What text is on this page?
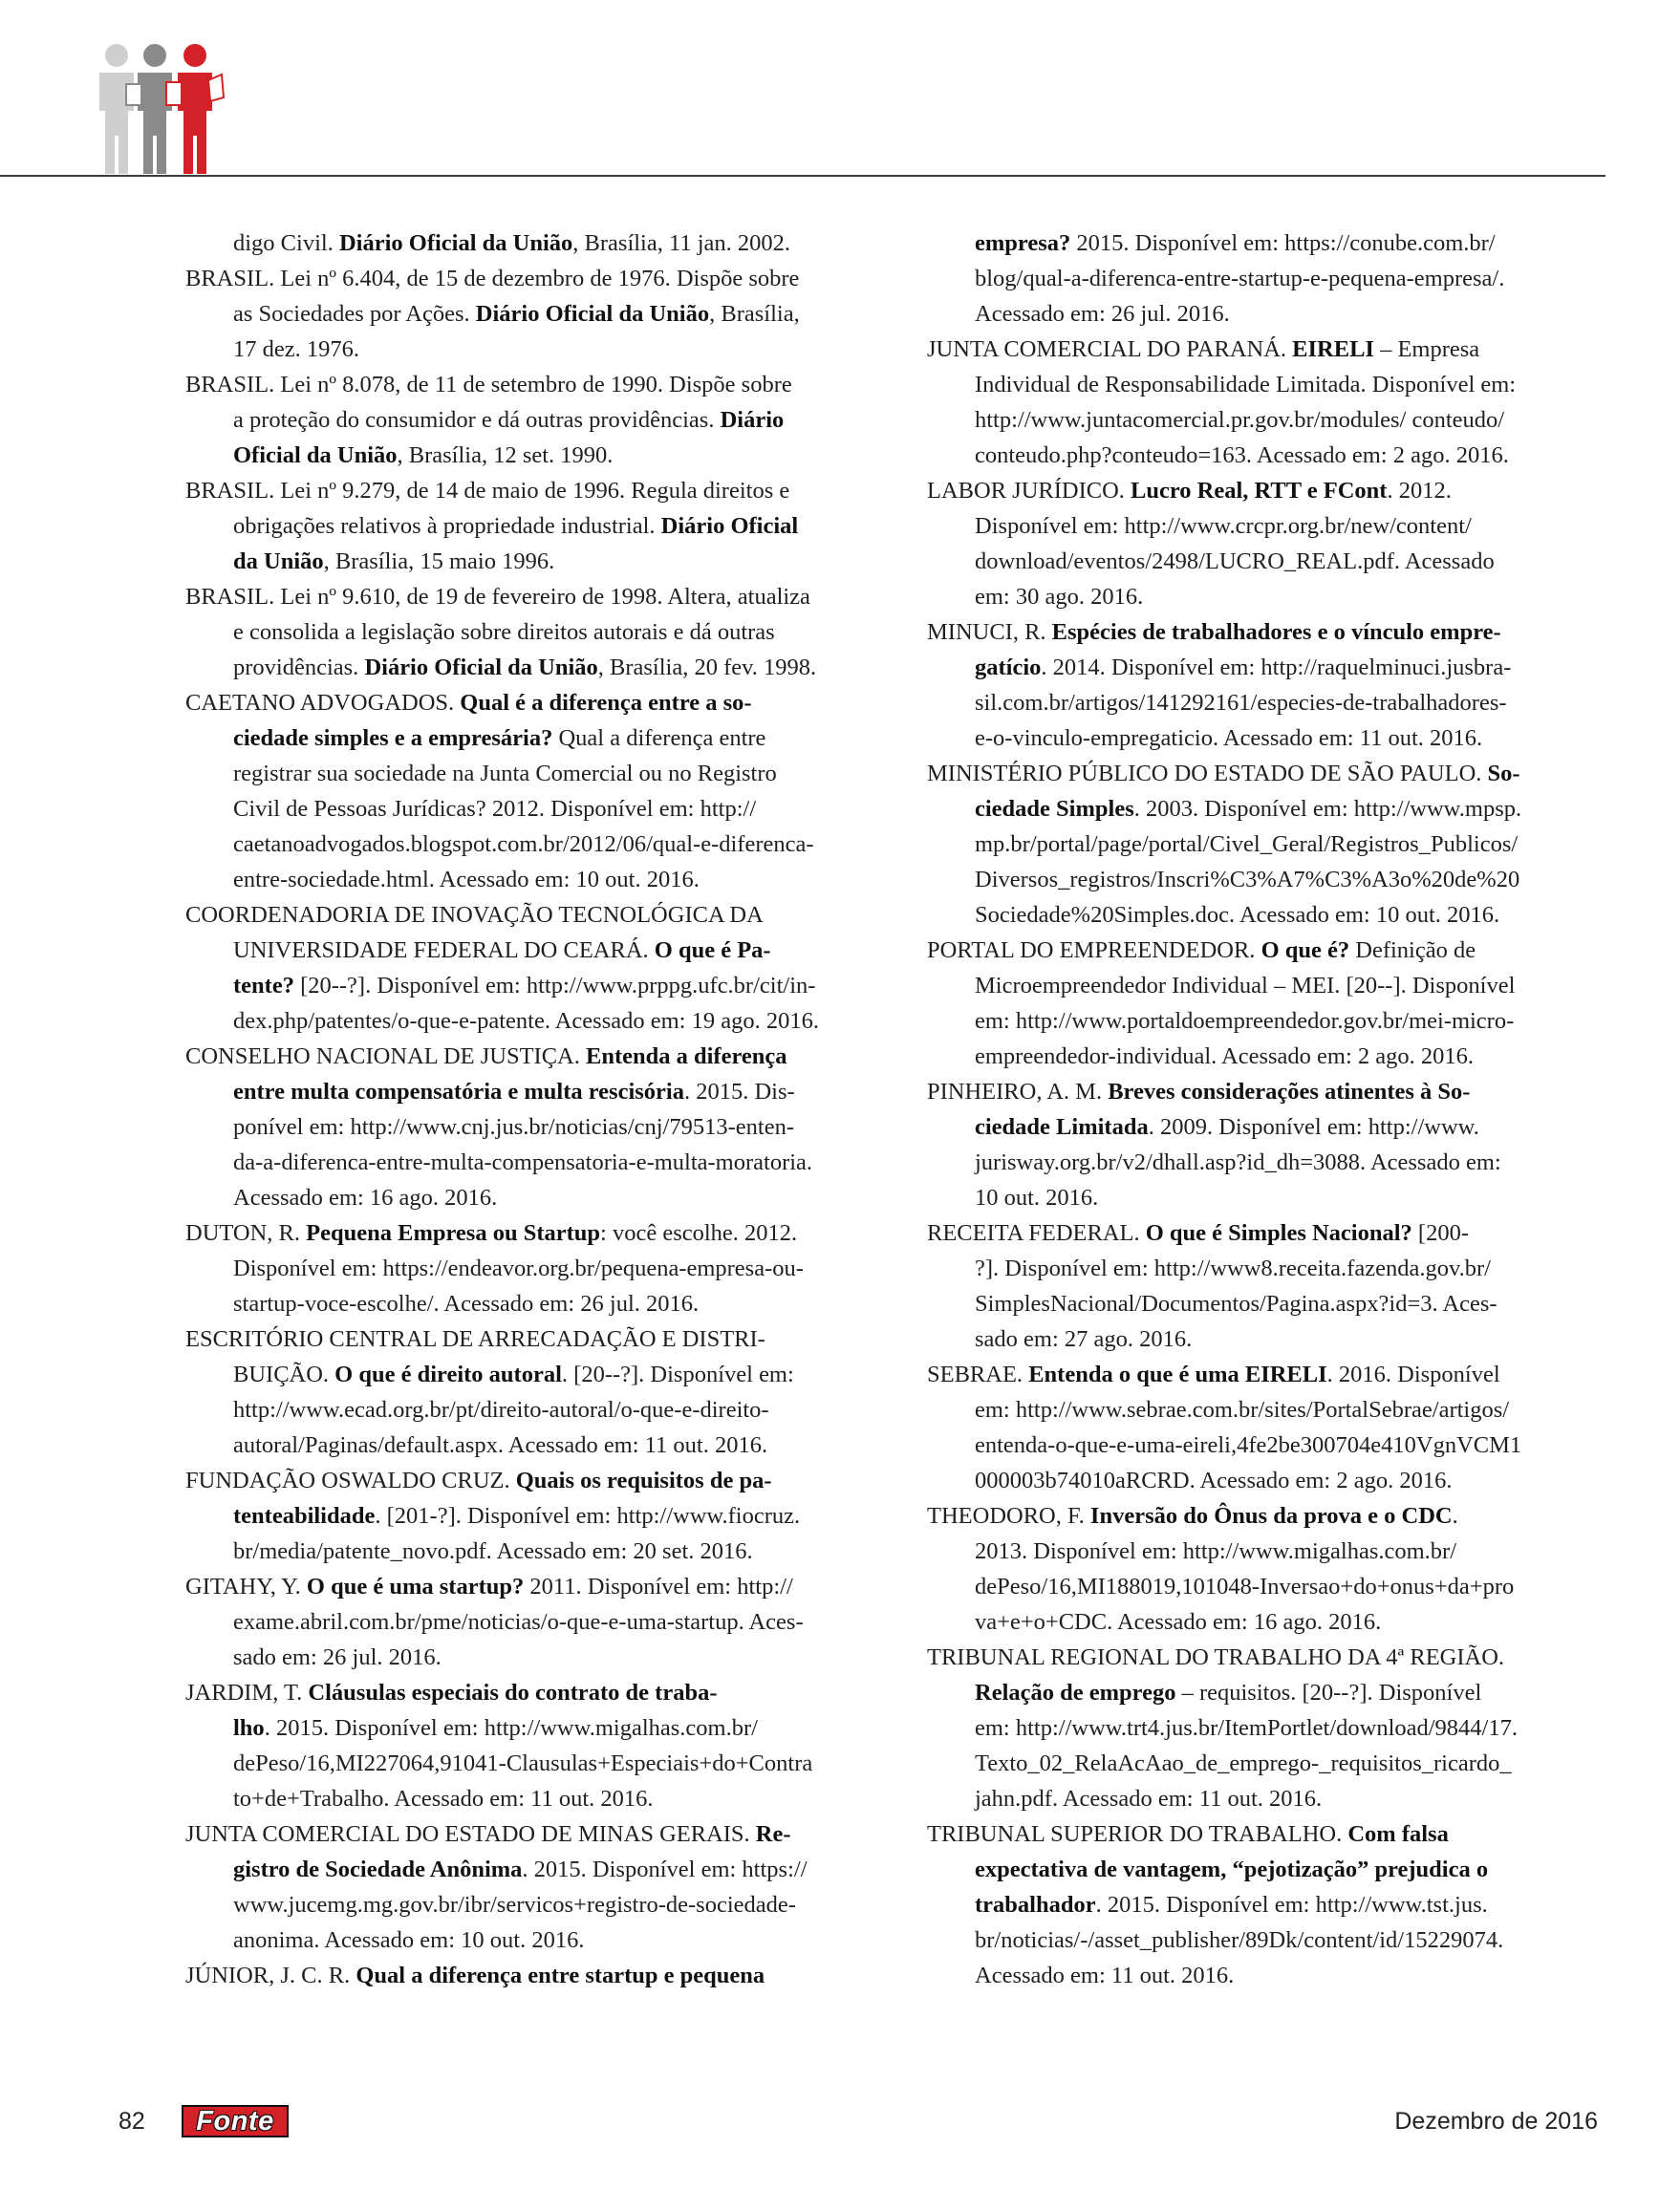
digo Civil. Diário Oficial da União, Brasília, 11 jan. 2002.
BRASIL. Lei nº 6.404, de 15 de dezembro de 1976. Dispõe sobre
as Sociedades por Ações. Diário Oficial da União, Brasília,
17 dez. 1976.
BRASIL. Lei nº 8.078, de 11 de setembro de 1990. Dispõe sobre
a proteção do consumidor e dá outras providências. Diário
Oficial da União, Brasília, 12 set. 1990.
BRASIL. Lei nº 9.279, de 14 de maio de 1996. Regula direitos e
obrigações relativos à propriedade industrial. Diário Oficial
da União, Brasília, 15 maio 1996.
BRASIL. Lei nº 9.610, de 19 de fevereiro de 1998. Altera, atualiza
e consolida a legislação sobre direitos autorais e dá outras
providências. Diário Oficial da União, Brasília, 20 fev. 1998.
CAETANO ADVOGADOS. Qual é a diferença entre a so-
ciedade simples e a empresária? Qual a diferença entre
registrar sua sociedade na Junta Comercial ou no Registro
Civil de Pessoas Jurídicas? 2012. Disponível em: http://
caetanoadvogados.blogspot.com.br/2012/06/qual-e-diferenca-
entre-sociedade.html. Acessado em: 10 out. 2016.
COORDENADORIA DE INOVAÇÃO TECNOLÓGICA DA
UNIVERSIDADE FEDERAL DO CEARÁ. O que é Pa-
tente? [20--?]. Disponível em: http://www.prppg.ufc.br/cit/in-
dex.php/patentes/o-que-e-patente. Acessado em: 19 ago. 2016.
CONSELHO NACIONAL DE JUSTIÇA. Entenda a diferença
entre multa compensatória e multa rescisória. 2015. Dis-
ponível em: http://www.cnj.jus.br/noticias/cnj/79513-enten-
da-a-diferenca-entre-multa-compensatoria-e-multa-moratoria.
Acessado em: 16 ago. 2016.
DUTON, R. Pequena Empresa ou Startup: você escolhe. 2012.
Disponível em: https://endeavor.org.br/pequena-empresa-ou-
startup-voce-escolhe/. Acessado em: 26 jul. 2016.
ESCRITÓRIO CENTRAL DE ARRECADAÇÃO E DISTRI-
BUIÇÃO. O que é direito autoral. [20--?]. Disponível em:
http://www.ecad.org.br/pt/direito-autoral/o-que-e-direito-
autoral/Paginas/default.aspx. Acessado em: 11 out. 2016.
FUNDAÇÃO OSWALDO CRUZ. Quais os requisitos de pa-
tenteabilidade. [201-?]. Disponível em: http://www.fiocruz.
br/media/patente_novo.pdf. Acessado em: 20 set. 2016.
GITAHY, Y. O que é uma startup? 2011. Disponível em: http://
exame.abril.com.br/pme/noticias/o-que-e-uma-startup. Aces-
sado em: 26 jul. 2016.
JARDIM, T. Cláusulas especiais do contrato de traba-
lho. 2015. Disponível em: http://www.migalhas.com.br/
dePeso/16,MI227064,91041-Clausulas+Especiais+do+Contra
to+de+Trabalho. Acessado em: 11 out. 2016.
JUNTA COMERCIAL DO ESTADO DE MINAS GERAIS. Re-
gistro de Sociedade Anônima. 2015. Disponível em: https://
www.jucemg.mg.gov.br/ibr/servicos+registro-de-sociedade-
anonima. Acessado em: 10 out. 2016.
JÚNIOR, J. C. R. Qual a diferença entre startup e pequena
empresa? 2015. Disponível em: https://conube.com.br/
blog/qual-a-diferenca-entre-startup-e-pequena-empresa/.
Acessado em: 26 jul. 2016.
JUNTA COMERCIAL DO PARANÁ. EIRELI – Empresa
Individual de Responsabilidade Limitada. Disponível em:
http://www.juntacomercial.pr.gov.br/modules/ conteudo/
conteudo.php?conteudo=163. Acessado em: 2 ago. 2016.
LABOR JURÍDICO. Lucro Real, RTT e FCont. 2012.
Disponível em: http://www.crcpr.org.br/new/content/
download/eventos/2498/LUCRO_REAL.pdf. Acessado
em: 30 ago. 2016.
MINUCI, R. Espécies de trabalhadores e o vínculo empre-
gatício. 2014. Disponível em: http://raquelminuci.jusbra-
sil.com.br/artigos/141292161/especies-de-trabalhadores-
e-o-vinculo-empregaticio. Acessado em: 11 out. 2016.
MINISTÉRIO PÚBLICO DO ESTADO DE SÃO PAULO. So-
ciedade Simples. 2003. Disponível em: http://www.mpsp.
mp.br/portal/page/portal/Civel_Geral/Registros_Publicos/
Diversos_registros/Inscri%C3%A7%C3%A3o%20de%20
Sociedade%20Simples.doc. Acessado em: 10 out. 2016.
PORTAL DO EMPREENDEDOR. O que é? Definição de
Microempreendedor Individual – MEI. [20--]. Disponível
em: http://www.portaldoempreendedor.gov.br/mei-micro-
empreendedor-individual. Acessado em: 2 ago. 2016.
PINHEIRO, A. M. Breves considerações atinentes à So-
ciedade Limitada. 2009. Disponível em: http://www.
jurisway.org.br/v2/dhall.asp?id_dh=3088. Acessado em:
10 out. 2016.
RECEITA FEDERAL. O que é Simples Nacional? [200-
?]. Disponível em: http://www8.receita.fazenda.gov.br/
SimplesNacional/Documentos/Pagina.aspx?id=3. Aces-
sado em: 27 ago. 2016.
SEBRAE. Entenda o que é uma EIRELI. 2016. Disponível
em: http://www.sebrae.com.br/sites/PortalSebrae/artigos/
entenda-o-que-e-uma-eireli,4fe2be300704e410VgnVCM1
000003b74010aRCRD. Acessado em: 2 ago. 2016.
THEODORO, F. Inversão do Ônus da prova e o CDC.
2013. Disponível em: http://www.migalhas.com.br/
dePeso/16,MI188019,101048-Inversao+do+onus+da+pro
va+e+o+CDC. Acessado em: 16 ago. 2016.
TRIBUNAL REGIONAL DO TRABALHO DA 4ª REGIÃO.
Relação de emprego – requisitos. [20--?]. Disponível
em: http://www.trt4.jus.br/ItemPortlet/download/9844/17.
Texto_02_RelaAcAao_de_emprego-_requisitos_ricardo_
jahn.pdf. Acessado em: 11 out. 2016.
TRIBUNAL SUPERIOR DO TRABALHO. Com falsa
expectativa de vantagem, “pejotização” prejudica o
trabalhador. 2015. Disponível em: http://www.tst.jus.
br/noticias/-/asset_publisher/89Dk/content/id/15229074.
Acessado em: 11 out. 2016.
82	Fonte	Dezembro de 2016
